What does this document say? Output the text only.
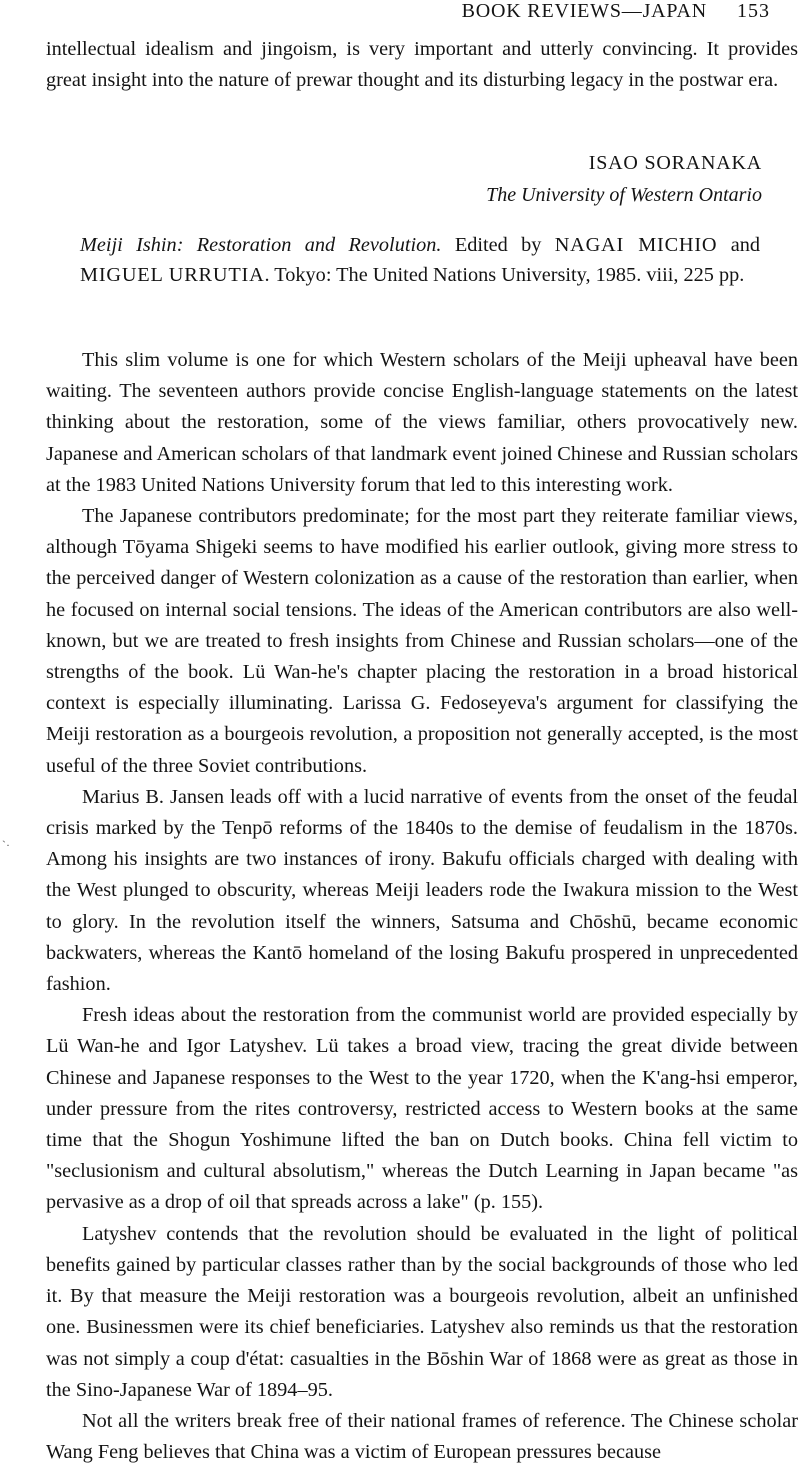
BOOK REVIEWS—JAPAN 153

intellectual idealism and jingoism, is very important and utterly convincing. It provides great insight into the nature of prewar thought and its disturbing legacy in the postwar era.

ISAO SORANAKA
The University of Western Ontario

Meiji Ishin: Restoration and Revolution. Edited by NAGAI MICHIO and MIGUEL URRUTIA. Tokyo: The United Nations University, 1985. viii, 225 pp.

This slim volume is one for which Western scholars of the Meiji upheaval have been waiting. The seventeen authors provide concise English-language statements on the latest thinking about the restoration, some of the views familiar, others provocatively new. Japanese and American scholars of that landmark event joined Chinese and Russian scholars at the 1983 United Nations University forum that led to this interesting work.

The Japanese contributors predominate; for the most part they reiterate familiar views, although Tōyama Shigeki seems to have modified his earlier outlook, giving more stress to the perceived danger of Western colonization as a cause of the restoration than earlier, when he focused on internal social tensions. The ideas of the American contributors are also well-known, but we are treated to fresh insights from Chinese and Russian scholars—one of the strengths of the book. Lü Wan-he's chapter placing the restoration in a broad historical context is especially illuminating. Larissa G. Fedoseyeva's argument for classifying the Meiji restoration as a bourgeois revolution, a proposition not generally accepted, is the most useful of the three Soviet contributions.

Marius B. Jansen leads off with a lucid narrative of events from the onset of the feudal crisis marked by the Tenpō reforms of the 1840s to the demise of feudalism in the 1870s. Among his insights are two instances of irony. Bakufu officials charged with dealing with the West plunged to obscurity, whereas Meiji leaders rode the Iwakura mission to the West to glory. In the revolution itself the winners, Satsuma and Chōshū, became economic backwaters, whereas the Kantō homeland of the losing Bakufu prospered in unprecedented fashion.

Fresh ideas about the restoration from the communist world are provided especially by Lü Wan-he and Igor Latyshev. Lü takes a broad view, tracing the great divide between Chinese and Japanese responses to the West to the year 1720, when the K'ang-hsi emperor, under pressure from the rites controversy, restricted access to Western books at the same time that the Shogun Yoshimune lifted the ban on Dutch books. China fell victim to "seclusionism and cultural absolutism," whereas the Dutch Learning in Japan became "as pervasive as a drop of oil that spreads across a lake" (p. 155).

Latyshev contends that the revolution should be evaluated in the light of political benefits gained by particular classes rather than by the social backgrounds of those who led it. By that measure the Meiji restoration was a bourgeois revolution, albeit an unfinished one. Businessmen were its chief beneficiaries. Latyshev also reminds us that the restoration was not simply a coup d'état: casualties in the Bōshin War of 1868 were as great as those in the Sino-Japanese War of 1894–95.

Not all the writers break free of their national frames of reference. The Chinese scholar Wang Feng believes that China was a victim of European pressures because

`·
